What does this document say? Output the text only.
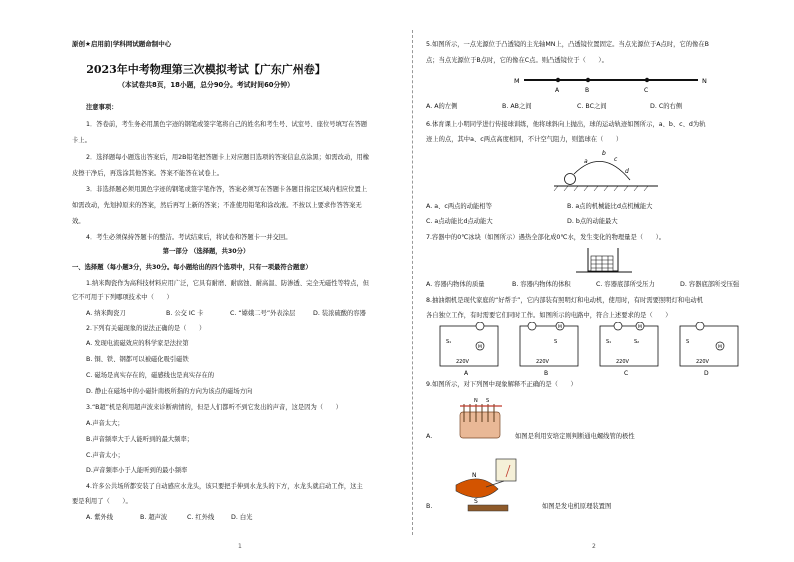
原创★启用前|学科网试题命制中心
2023年中考物理第三次模拟考试【广东广州卷】
（本试卷共8页，18小题，总分90分。考试时间60分钟）
注意事项：
1．答卷前，考生务必用黑色字迹的钢笔或签字笔将自己的姓名和考生号、试室号、座位号填写在答题
卡上。
2．选择题每小题选出答案后，用2B铅笔把答题卡上对应题目选项的答案信息点涂黑；如需改动，用橡
皮擦干净后，再选涂其他答案。答案不能答在试卷上。
3．非选择题必须用黑色字迹的钢笔或签字笔作答，答案必须写在答题卡各题目指定区域内相应位置上
如需改动，先划掉原来的答案，然后再写上新的答案；不准使用铅笔和涂改液。不按以上要求作答答案无
效。
4．考生必须保持答题卡的整洁。考试结束后，将试卷和答题卡一并交回。
第一部分 （选择题，共30分）
一、选择题（每小题3分，共30分。每小题给出的四个选项中，只有一项最符合题意）
1.纳米陶瓷作为高科技材料应用广泛，它具有耐磨、耐腐蚀、耐高温、防渗透、完全无磁性等特点，但
它不可用于下列哪项技术中（　　）
A. 纳米陶瓷刀	B. 公交 IC 卡	C. “嫦娥二号”外表涂层	D. 装浓硫酸的容器
2.下列有关磁现象的说法正确的是（　　）
A. 发现电流磁效应的科学家是法拉第
B. 铜、铁、钢都可以被磁化吸引磁铁
C. 磁场是真实存在的，磁感线也是真实存在的
D. 静止在磁场中的小磁针南极所指的方向为该点的磁场方向
3.“B超”机是利用超声波来诊断病情的，但是人们都听不到它发出的声音，这是因为（　　）
A.声音太大；
B.声音频率大于人能听到的最大频率；
C.声音太小；
D.声音频率小于人能听到的最小频率
4.许多公共场所都安装了自动感应水龙头，该只要把手伸到水龙头的下方，水龙头就启动工作，这主
要是利用了（　　）。
A. 紫外线	B. 超声波	C. 红外线	D. 白光
1
5.如图所示，一点光源位于凸透镜的主光轴MN上，凸透镜位置固定。当点光源位于A点时，它的像在B
点；当点光源位于B点时，它的像在C点。则凸透镜位于（　　）。
M
A	B	C
N
A. A的左侧	B. AB之间	C. BC之间	D. C的右侧
6.体育课上小明同学进行传接球训练，他将球斜向上抛出，球的运动轨迹如图所示，a、b、c、d为轨
迹上的点，其中a、c两点高度相同，不计空气阻力，则篮球在（　　）
a
b
c
d
A. a、c两点的动能相等	B. a点的机械能比d点机械能大
C. a点动能比d点动能大	D. b点的动能最大
7.容器中的0℃冰块（如图所示）遇热全部化成0℃水，发生变化的物理量是（　　）。
A. 容器内物体的质量	B. 容器内物体的体积	C. 容器底部所受压力	D. 容器底部所受压强
8.抽油烟机是现代家庭的“好帮手”，它内部装有照明灯和电动机，使用时，有时需要照明灯和电动机
各自独立工作，有时需要它们同时工作。如图所示的电路中，符合上述要求的是（　　）
M
S₁
220V
A
M
S
220V
B
M
S₁	S₂
220V
C
M
S
220V
D
9.如图所示，对下列图中现象解释不正确的是（　　）
N S
A.	如图是利用安培定则判断通电螺线管的极性
N
S
B.	如图是发电机原理装置图
2
